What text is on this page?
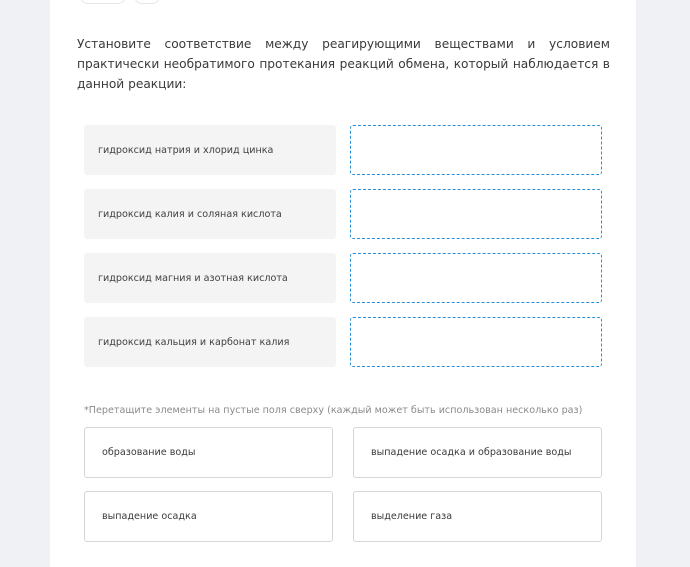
Установите соответствие между реагирующими веществами и условием практически необратимого протекания реакций обмена, который наблюдается в данной реакции:

гидроксид натрия и хлорид цинка
гидроксид калия и соляная кислота
гидроксид магния и азотная кислота
гидроксид кальция и карбонат калия

*Перетащите элементы на пустые поля сверху (каждый может быть использован несколько раз)

образование воды	выпадение осадка и образование воды
выпадение осадка	выделение газа
